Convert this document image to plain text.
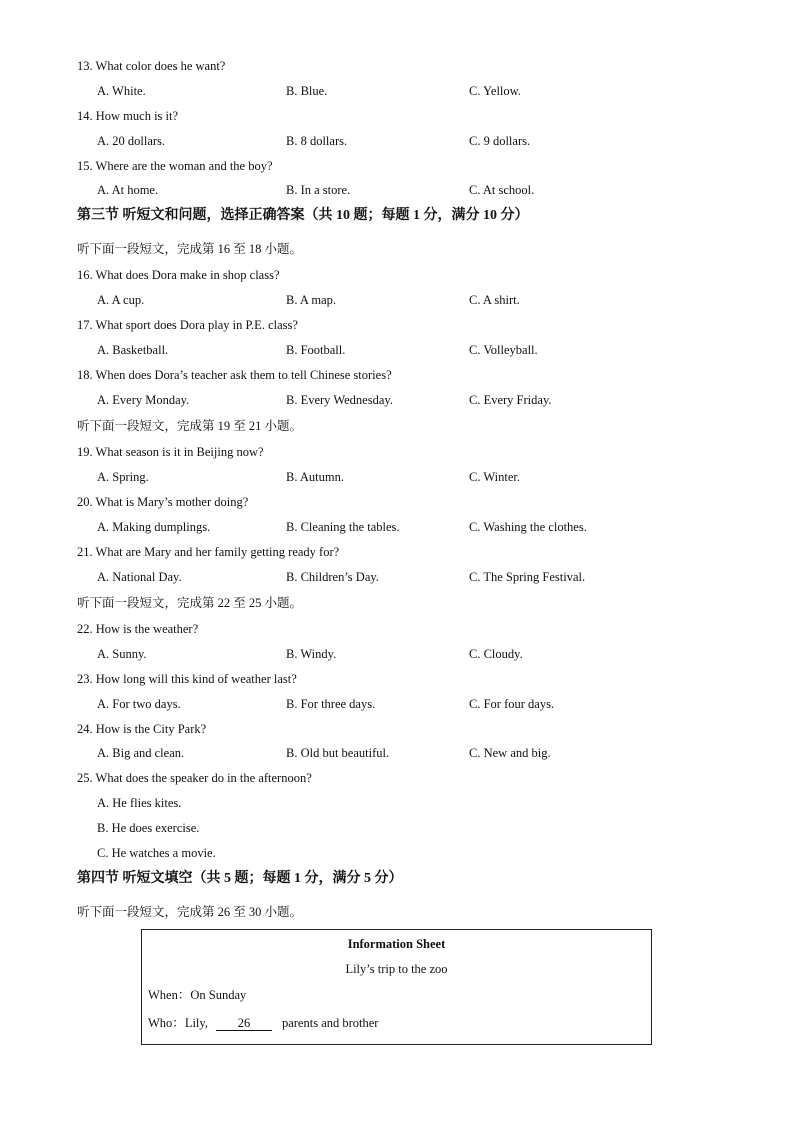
13. What color does he want?
A. White.	B. Blue.	C. Yellow.
14. How much is it?
A. 20 dollars.	B. 8 dollars.	C. 9 dollars.
15. Where are the woman and the boy?
A. At home.	B. In a store.	C. At school.
第三节 听短文和问题，选择正确答案（共 10 题；每题 1 分，满分 10 分）
听下面一段短文，完成第 16 至 18 小题。
16. What does Dora make in shop class?
A. A cup.	B. A map.	C. A shirt.
17. What sport does Dora play in P.E. class?
A. Basketball.	B. Football.	C. Volleyball.
18. When does Dora’s teacher ask them to tell Chinese stories?
A. Every Monday.	B. Every Wednesday.	C. Every Friday.
听下面一段短文，完成第 19 至 21 小题。
19. What season is it in Beijing now?
A. Spring.	B. Autumn.	C. Winter.
20. What is Mary’s mother doing?
A. Making dumplings.	B. Cleaning the tables.	C. Washing the clothes.
21. What are Mary and her family getting ready for?
A. National Day.	B. Children’s Day.	C. The Spring Festival.
听下面一段短文，完成第 22 至 25 小题。
22. How is the weather?
A. Sunny.	B. Windy.	C. Cloudy.
23. How long will this kind of weather last?
A. For two days.	B. For three days.	C. For four days.
24. How is the City Park?
A. Big and clean.	B. Old but beautiful.	C. New and big.
25. What does the speaker do in the afternoon?
A. He flies kites.
B. He does exercise.
C. He watches a movie.
第四节 听短文填空（共 5 题；每题 1 分，满分 5 分）
听下面一段短文，完成第 26 至 30 小题。
Information Sheet
Lily’s trip to the zoo
When：On Sunday
Who：Lily, 26	parents and brother
